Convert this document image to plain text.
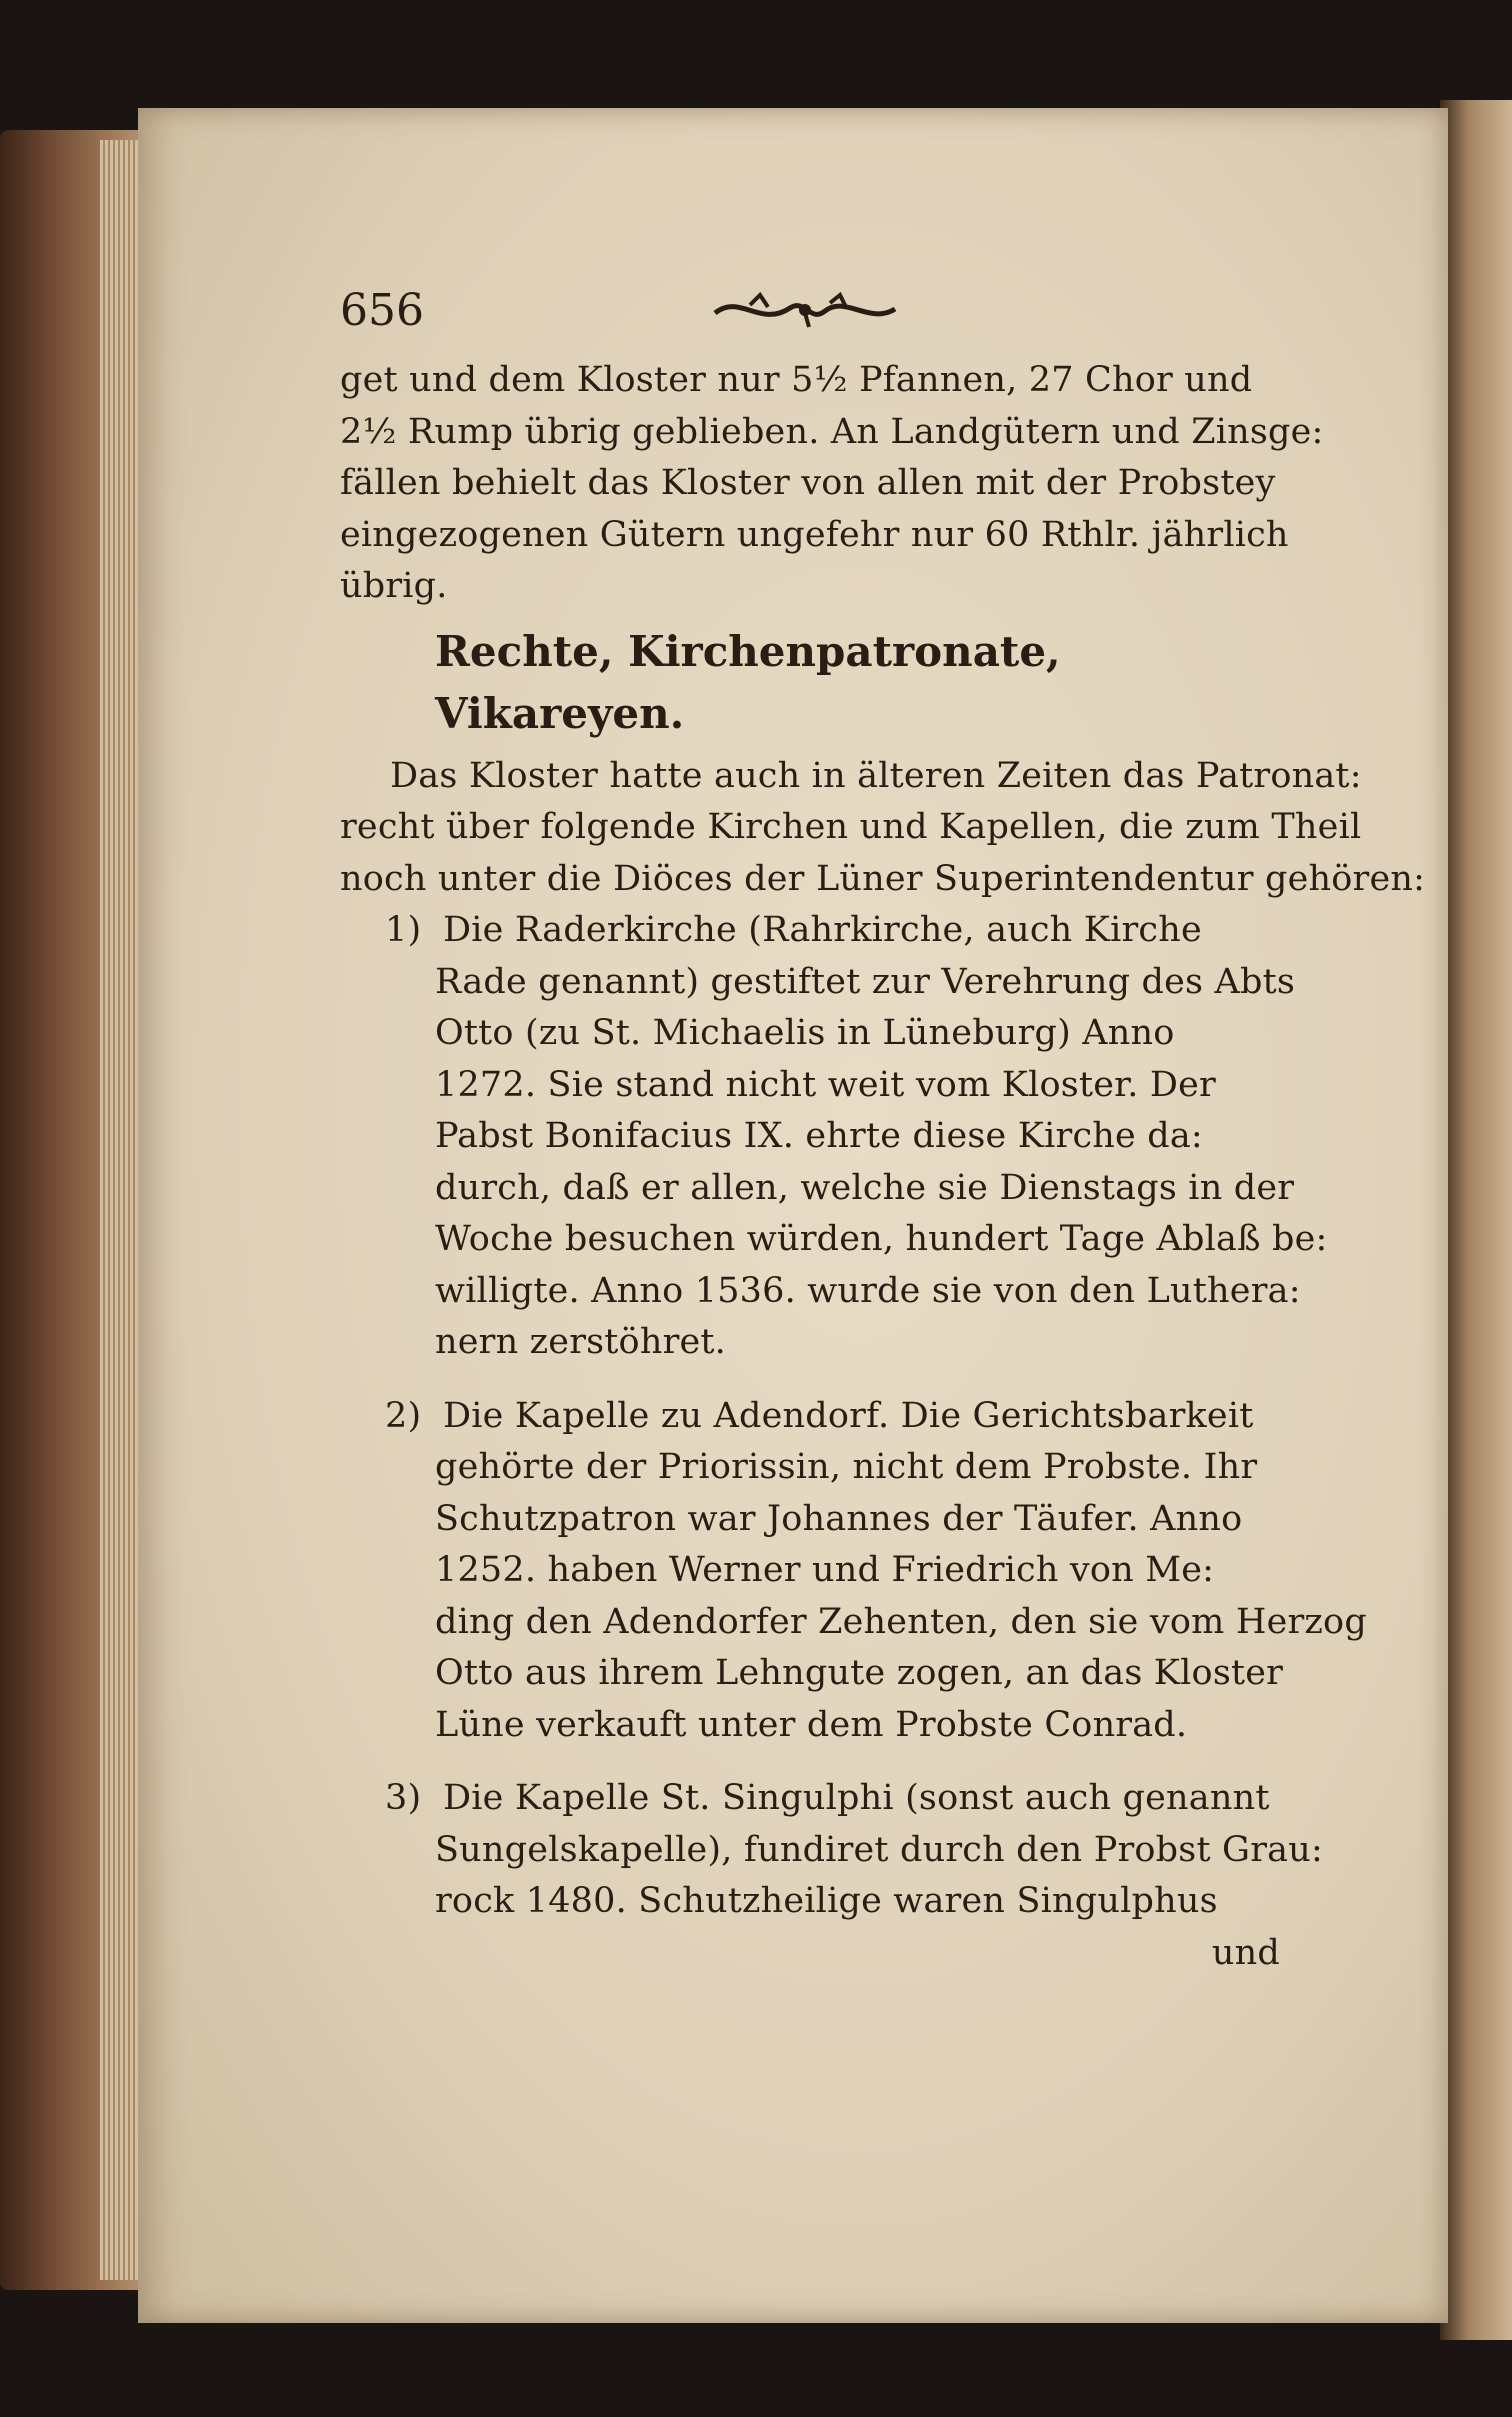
656
get und dem Kloster nur 5½ Pfannen, 27 Chor und
2½ Rump übrig geblieben. An Landgütern und Zinsge:
fällen behielt das Kloster von allen mit der Probstey
eingezogenen Gütern ungefehr nur 60 Rthlr. jährlich
übrig.
Rechte, Kirchenpatronate, Vikareyen.
Das Kloster hatte auch in älteren Zeiten das Patronat:
recht über folgende Kirchen und Kapellen, die zum Theil
noch unter die Diöces der Lüner Superintendentur gehören:
1) Die Raderkirche (Rahrkirche, auch Kirche
Rade genannt) gestiftet zur Verehrung des Abts
Otto (zu St. Michaelis in Lüneburg) Anno
1272. Sie stand nicht weit vom Kloster. Der
Pabst Bonifacius IX. ehrte diese Kirche da:
durch, daß er allen, welche sie Dienstags in der
Woche besuchen würden, hundert Tage Ablaß be:
willigte. Anno 1536. wurde sie von den Luthera:
nern zerstöhret.
2) Die Kapelle zu Adendorf. Die Gerichtsbarkeit
gehörte der Priorissin, nicht dem Probste. Ihr
Schutzpatron war Johannes der Täufer. Anno
1252. haben Werner und Friedrich von Me:
ding den Adendorfer Zehenten, den sie vom Herzog
Otto aus ihrem Lehngute zogen, an das Kloster
Lüne verkauft unter dem Probste Conrad.
3) Die Kapelle St. Singulphi (sonst auch genannt
Sungelskapelle), fundiret durch den Probst Grau:
rock 1480. Schutzheilige waren Singulphus
und
